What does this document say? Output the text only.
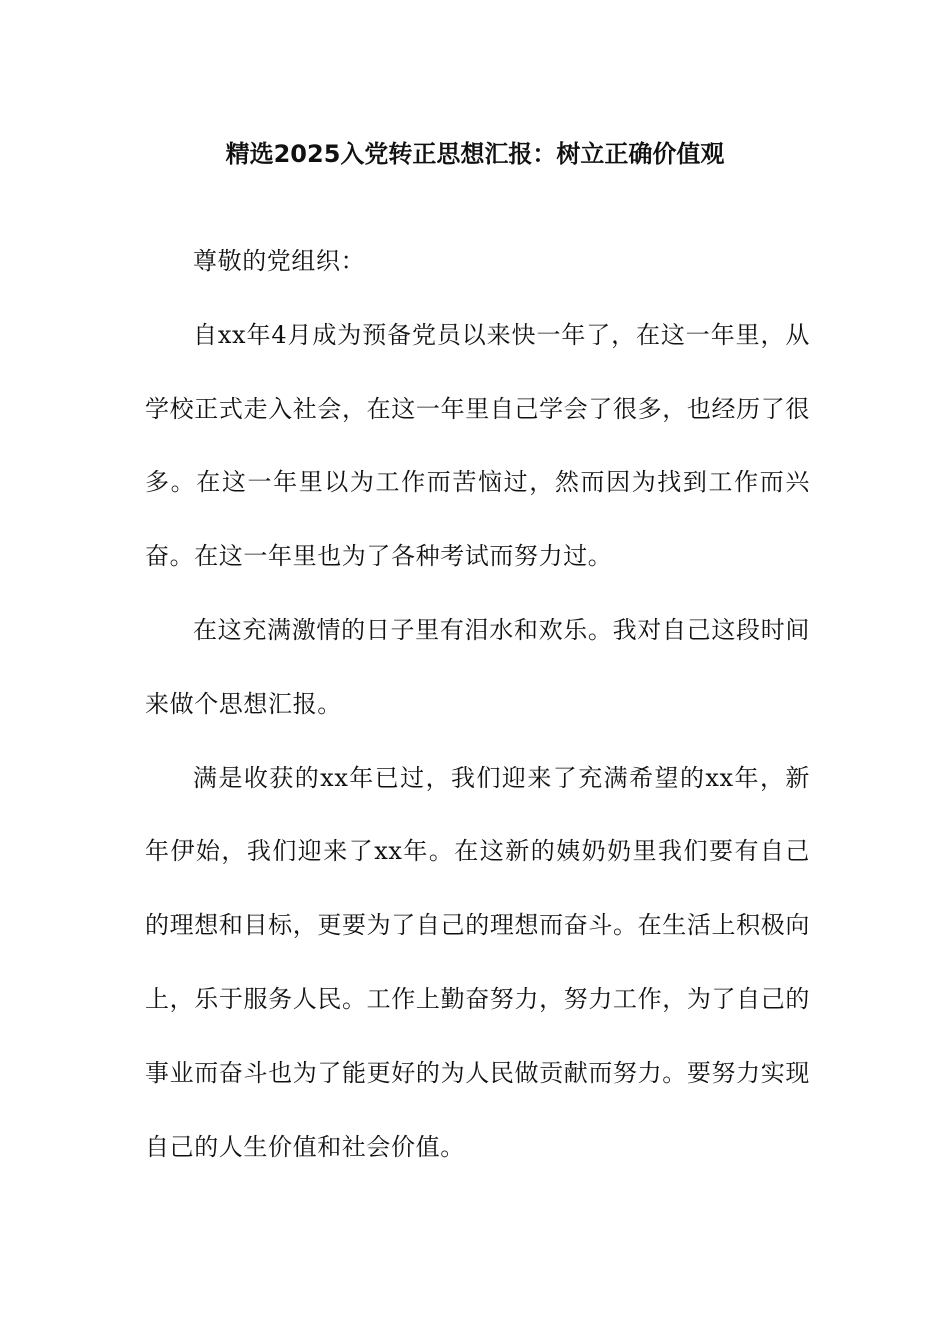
精选2025入党转正思想汇报：树立正确价值观

尊敬的党组织：

自xx年4月成为预备党员以来快一年了，在这一年里，从学校正式走入社会，在这一年里自己学会了很多，也经历了很多。在这一年里以为工作而苦恼过，然而因为找到工作而兴奋。在这一年里也为了各种考试而努力过。

在这充满激情的日子里有泪水和欢乐。我对自己这段时间来做个思想汇报。

满是收获的xx年已过，我们迎来了充满希望的xx年，新年伊始，我们迎来了xx年。在这新的姨奶奶里我们要有自己的理想和目标，更要为了自己的理想而奋斗。在生活上积极向上，乐于服务人民。工作上勤奋努力，努力工作，为了自己的事业而奋斗也为了能更好的为人民做贡献而努力。要努力实现自己的人生价值和社会价值。
